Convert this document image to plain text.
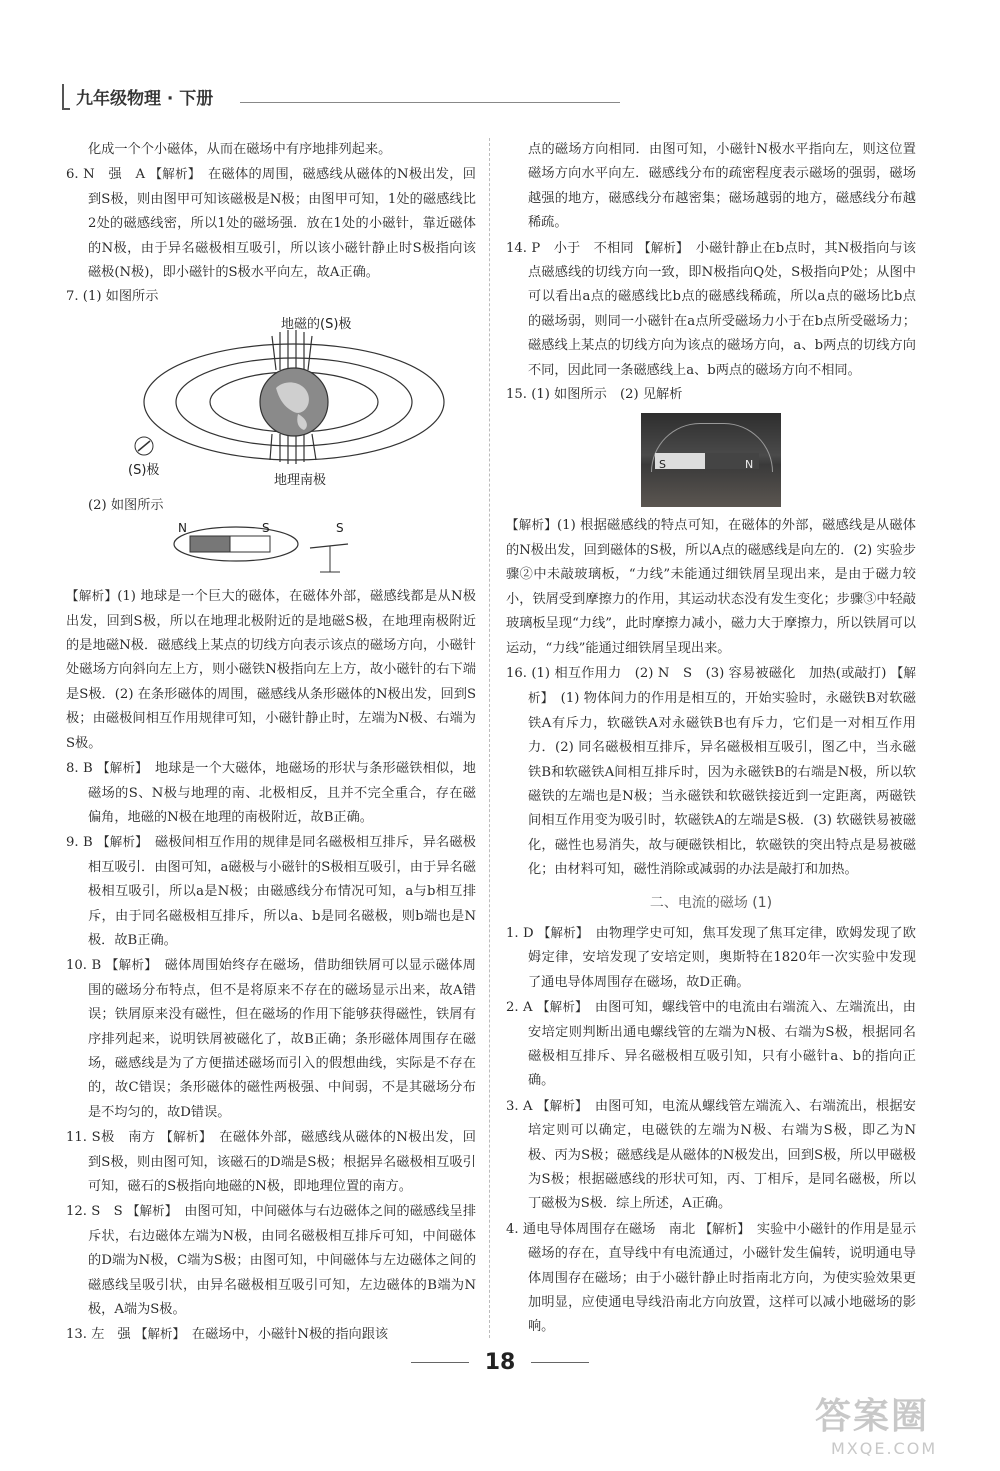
九年级物理 · 下册

化成一个个小磁体，从而在磁场中有序地排列起来。

6. N　强　A 【解析】　在磁体的周围，磁感线从磁体的N极出发，回到S极，则由图甲可知该磁极是N极；由图甲可知，1处的磁感线比2处的磁感线密，所以1处的磁场强．放在1处的小磁针，靠近磁体的N极，由于异名磁极相互吸引，所以该小磁针静止时S极指向该磁极(N极)，即小磁针的S极水平向左，故A正确。

7. (1) 如图所示

地磁的(S)极
(S)极
地理南极

(2) 如图所示

N	S	S

【解析】(1) 地球是一个巨大的磁体，在磁体外部，磁感线都是从N极出发，回到S极，所以在地理北极附近的是地磁S极，在地理南极附近的是地磁N极．磁感线上某点的切线方向表示该点的磁场方向，小磁针处磁场方向斜向左上方，则小磁铁N极指向左上方，故小磁针的右下端是S极．(2) 在条形磁体的周围，磁感线从条形磁体的N极出发，回到S极；由磁极间相互作用规律可知，小磁针静止时，左端为N极、右端为S极。

8. B 【解析】　地球是一个大磁体，地磁场的形状与条形磁铁相似，地磁场的S、N极与地理的南、北极相反，且并不完全重合，存在磁偏角，地磁的N极在地理的南极附近，故B正确。

9. B 【解析】　磁极间相互作用的规律是同名磁极相互排斥，异名磁极相互吸引．由图可知，a磁极与小磁针的S极相互吸引，由于异名磁极相互吸引，所以a是N极；由磁感线分布情况可知，a与b相互排斥，由于同名磁极相互排斥，所以a、b是同名磁极，则b端也是N极．故B正确。

10. B 【解析】　磁体周围始终存在磁场，借助细铁屑可以显示磁体周围的磁场分布特点，但不是将原来不存在的磁场显示出来，故A错误；铁屑原来没有磁性，但在磁场的作用下能够获得磁性，铁屑有序排列起来，说明铁屑被磁化了，故B正确；条形磁体周围存在磁场，磁感线是为了方便描述磁场而引入的假想曲线，实际是不存在的，故C错误；条形磁体的磁性两极强、中间弱，不是其磁场分布是不均匀的，故D错误。

11. S极　南方 【解析】　在磁体外部，磁感线从磁体的N极出发，回到S极，则由图可知，该磁石的D端是S极；根据异名磁极相互吸引可知，磁石的S极指向地磁的N极，即地理位置的南方。

12. S　S 【解析】　由图可知，中间磁体与右边磁体之间的磁感线呈排斥状，右边磁体左端为N极，由同名磁极相互排斥可知，中间磁体的D端为N极，C端为S极；由图可知，中间磁体与左边磁体之间的磁感线呈吸引状，由异名磁极相互吸引可知，左边磁体的B端为N极，A端为S极。

13. 左　强 【解析】　在磁场中，小磁针N极的指向跟该

点的磁场方向相同．由图可知，小磁针N极水平指向左，则这位置磁场方向水平向左．磁感线分布的疏密程度表示磁场的强弱，磁场越强的地方，磁感线分布越密集；磁场越弱的地方，磁感线分布越稀疏。

14. P　小于　不相同 【解析】　小磁针静止在b点时，其N极指向与该点磁感线的切线方向一致，即N极指向Q处，S极指向P处；从图中可以看出a点的磁感线比b点的磁感线稀疏，所以a点的磁场比b点的磁场弱，则同一小磁针在a点所受磁场力小于在b点所受磁场力；磁感线上某点的切线方向为该点的磁场方向，a、b两点的切线方向不同，因此同一条磁感线上a、b两点的磁场方向不相同。

15. (1) 如图所示　(2) 见解析

S	N

【解析】(1) 根据磁感线的特点可知，在磁体的外部，磁感线是从磁体的N极出发，回到磁体的S极，所以A点的磁感线是向左的．(2) 实验步骤②中未敲玻璃板，“力线”未能通过细铁屑呈现出来，是由于磁力较小，铁屑受到摩擦力的作用，其运动状态没有发生变化；步骤③中轻敲玻璃板呈现“力线”，此时摩擦力减小，磁力大于摩擦力，所以铁屑可以运动，“力线”能通过细铁屑呈现出来。

16. (1) 相互作用力　(2) N　S　(3) 容易被磁化　加热(或敲打) 【解析】　(1) 物体间力的作用是相互的，开始实验时，永磁铁B对软磁铁A有斥力，软磁铁A对永磁铁B也有斥力，它们是一对相互作用力．(2) 同名磁极相互排斥，异名磁极相互吸引，图乙中，当永磁铁B和软磁铁A间相互排斥时，因为永磁铁B的右端是N极，所以软磁铁的左端也是N极；当永磁铁和软磁铁接近到一定距离，两磁铁间相互作用变为吸引时，软磁铁A的左端是S极．(3) 软磁铁易被磁化，磁性也易消失，故与硬磁铁相比，软磁铁的突出特点是易被磁化；由材料可知，磁性消除或减弱的办法是敲打和加热。

二、电流的磁场 (1)

1. D 【解析】　由物理学史可知，焦耳发现了焦耳定律，欧姆发现了欧姆定律，安培发现了安培定则，奥斯特在1820年一次实验中发现了通电导体周围存在磁场，故D正确。

2. A 【解析】　由图可知，螺线管中的电流由右端流入、左端流出，由安培定则判断出通电螺线管的左端为N极、右端为S极，根据同名磁极相互排斥、异名磁极相互吸引知，只有小磁针a、b的指向正确。

3. A 【解析】　由图可知，电流从螺线管左端流入、右端流出，根据安培定则可以确定，电磁铁的左端为N极、右端为S极，即乙为N极、丙为S极；磁感线是从磁体的N极发出，回到S极，所以甲磁极为S极；根据磁感线的形状可知，丙、丁相斥，是同名磁极，所以丁磁极为S极．综上所述，A正确。

4. 通电导体周围存在磁场　南北 【解析】　实验中小磁针的作用是显示磁场的存在，直导线中有电流通过，小磁针发生偏转，说明通电导体周围存在磁场；由于小磁针静止时指南北方向，为使实验效果更加明显，应使通电导线沿南北方向放置，这样可以减小地磁场的影响。

18
答案圈
MXQE.COM
